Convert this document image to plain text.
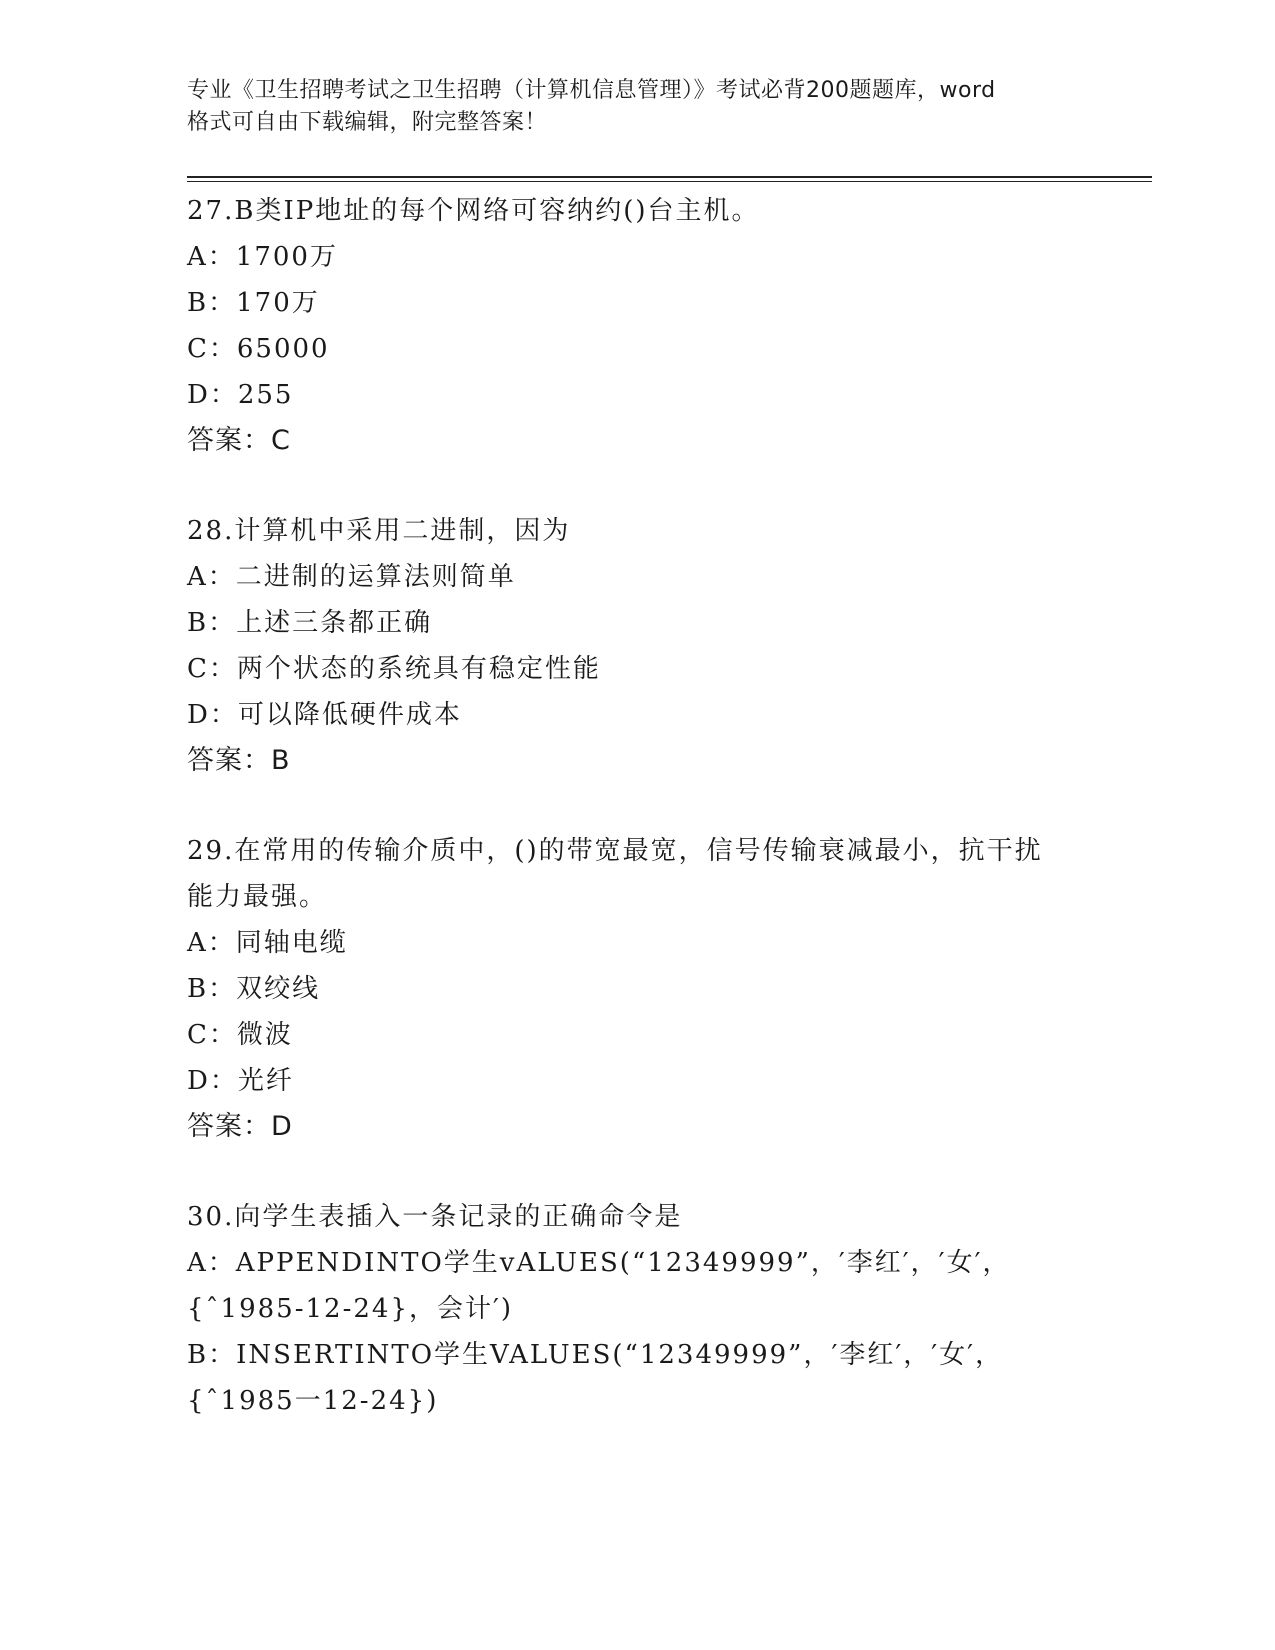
专业《卫生招聘考试之卫生招聘（计算机信息管理）》考试必背200题题库，word
格式可自由下载编辑，附完整答案！
27.B类IP地址的每个网络可容纳约()台主机。
A：1700万
B：170万
C：65000
D：255
答案：C
28.计算机中采用二进制，因为
A：二进制的运算法则简单
B：上述三条都正确
C：两个状态的系统具有稳定性能
D：可以降低硬件成本
答案：B
29.在常用的传输介质中，()的带宽最宽，信号传输衰减最小，抗干扰
能力最强。
A：同轴电缆
B：双绞线
C：微波
D：光纤
答案：D
30.向学生表插入一条记录的正确命令是
A：APPENDINTO学生vALUES(“12349999”，′李红′，′女′，
{ˆ1985-12-24}，会计′)
B：INSERTINTO学生VALUES(“12349999”，′李红′，′女′，
{ˆ1985一12-24})
